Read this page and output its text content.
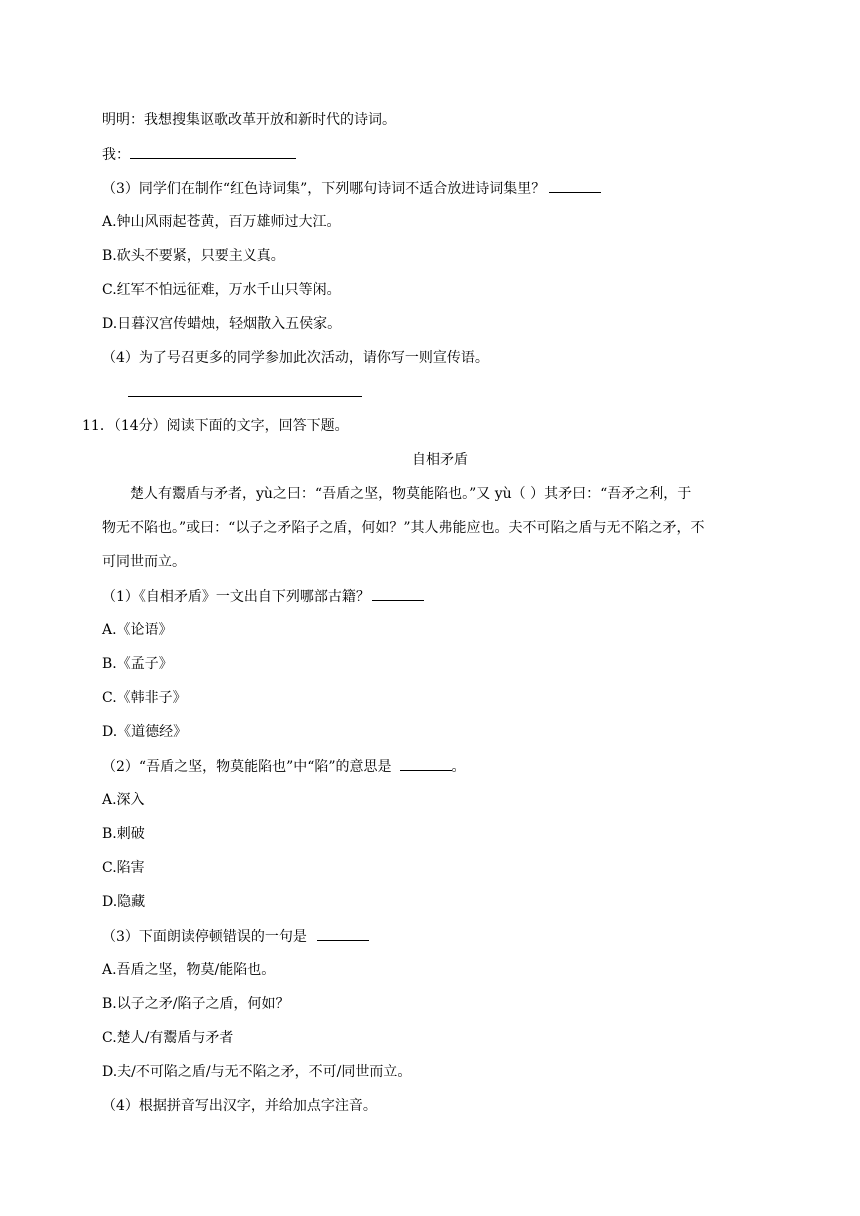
明明：我想搜集讴歌改革开放和新时代的诗词。
我：
（3）同学们在制作“红色诗词集”，下列哪句诗词不适合放进诗词集里？
A.钟山风雨起苍黄，百万雄师过大江。
B.砍头不要紧，只要主义真。
C.红军不怕远征难，万水千山只等闲。
D.日暮汉宫传蜡烛，轻烟散入五侯家。
（4）为了号召更多的同学参加此次活动，请你写一则宣传语。
11．（14分）阅读下面的文字，回答下题。
自相矛盾
楚人有鬻盾与矛者，yù之曰：“吾盾之坚，物莫能陷也。”又 yù（ ）其矛曰：“吾矛之利，于
物无不陷也。”或曰：“以子之矛陷子之盾，何如？”其人弗能应也。夫不可陷之盾与无不陷之矛，不
可同世而立。
（1）《自相矛盾》一文出自下列哪部古籍？
A.《论语》
B.《孟子》
C.《韩非子》
D.《道德经》
（2）“吾盾之坚，物莫能陷也”中“陷”的意思是	。
A.深入
B.刺破
C.陷害
D.隐藏
（3）下面朗读停顿错误的一句是
A.吾盾之坚，物莫/能陷也。
B.以子之矛/陷子之盾，何如？
C.楚人/有鬻盾与矛者
D.夫/不可陷之盾/与无不陷之矛，不可/同世而立。
（4）根据拼音写出汉字，并给加点字注音。
